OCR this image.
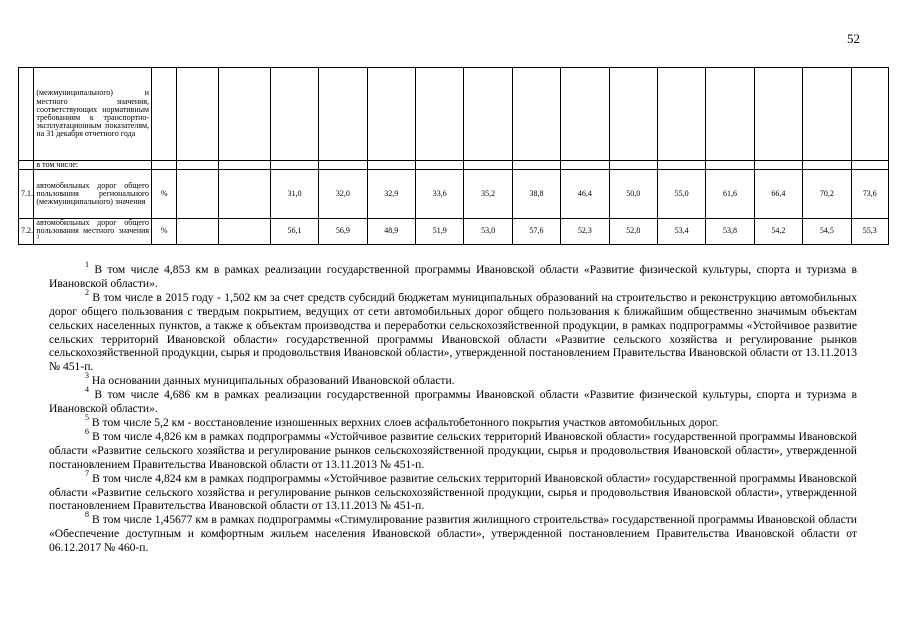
52
	(межмуниципального) и местного значения, соответствующих нормативным требованиям к транспортно-эксплуатационным показателям, на 31 декабря отчетного года																
	в том числе:																
7.1.	автомобильных дорог общего пользования регионального (межмуниципального) значения	%			31,0	32,0	32,9	33,6	35,2	38,8	46,4	50,0	55,0	61,6	66,4	70,2	73,6
7.2.	автомобильных дорог общего пользования местного значения $^3$	%			56,1	56,9	48,9	51,9	53,0	57,6	52,3	52,8	53,4	53,8	54,2	54,5	55,3

$^1$ В том числе 4,853 км в рамках реализации государственной программы Ивановской области «Развитие физической культуры, спорта и туризма в Ивановской области».

$^2$ В том числе в 2015 году - 1,502 км за счет средств субсидий бюджетам муниципальных образований на строительство и реконструкцию автомобильных дорог общего пользования с твердым покрытием, ведущих от сети автомобильных дорог общего пользования к ближайшим общественно значимым объектам сельских населенных пунктов, а также к объектам производства и переработки сельскохозяйственной продукции, в рамках подпрограммы «Устойчивое развитие сельских территорий Ивановской области» государственной программы Ивановской области «Развитие сельского хозяйства и регулирование рынков сельскохозяйственной продукции, сырья и продовольствия Ивановской области», утвержденной постановлением Правительства Ивановской области от 13.11.2013 № 451-п.

$^3$ На основании данных муниципальных образований Ивановской области.

$^4$ В том числе 4,686 км в рамках реализации государственной программы Ивановской области «Развитие физической культуры, спорта и туризма в Ивановской области».

$^5$ В том числе 5,2 км - восстановление изношенных верхних слоев асфальтобетонного покрытия участков автомобильных дорог.

$^6$ В том числе 4,826 км в рамках подпрограммы «Устойчивое развитие сельских территорий Ивановской области» государственной программы Ивановской области «Развитие сельского хозяйства и регулирование рынков сельскохозяйственной продукции, сырья и продовольствия Ивановской области», утвержденной постановлением Правительства Ивановской области от 13.11.2013 № 451-п.

$^7$ В том числе 4,824 км в рамках подпрограммы «Устойчивое развитие сельских территорий Ивановской области» государственной программы Ивановской области «Развитие сельского хозяйства и регулирование рынков сельскохозяйственной продукции, сырья и продовольствия Ивановской области», утвержденной постановлением Правительства Ивановской области от 13.11.2013 № 451-п.

$^8$ В том числе 1,45677 км в рамках подпрограммы «Стимулирование развития жилищного строительства» государственной программы Ивановской области «Обеспечение доступным и комфортным жильем населения Ивановской области», утвержденной постановлением Правительства Ивановской области от 06.12.2017 № 460-п.
